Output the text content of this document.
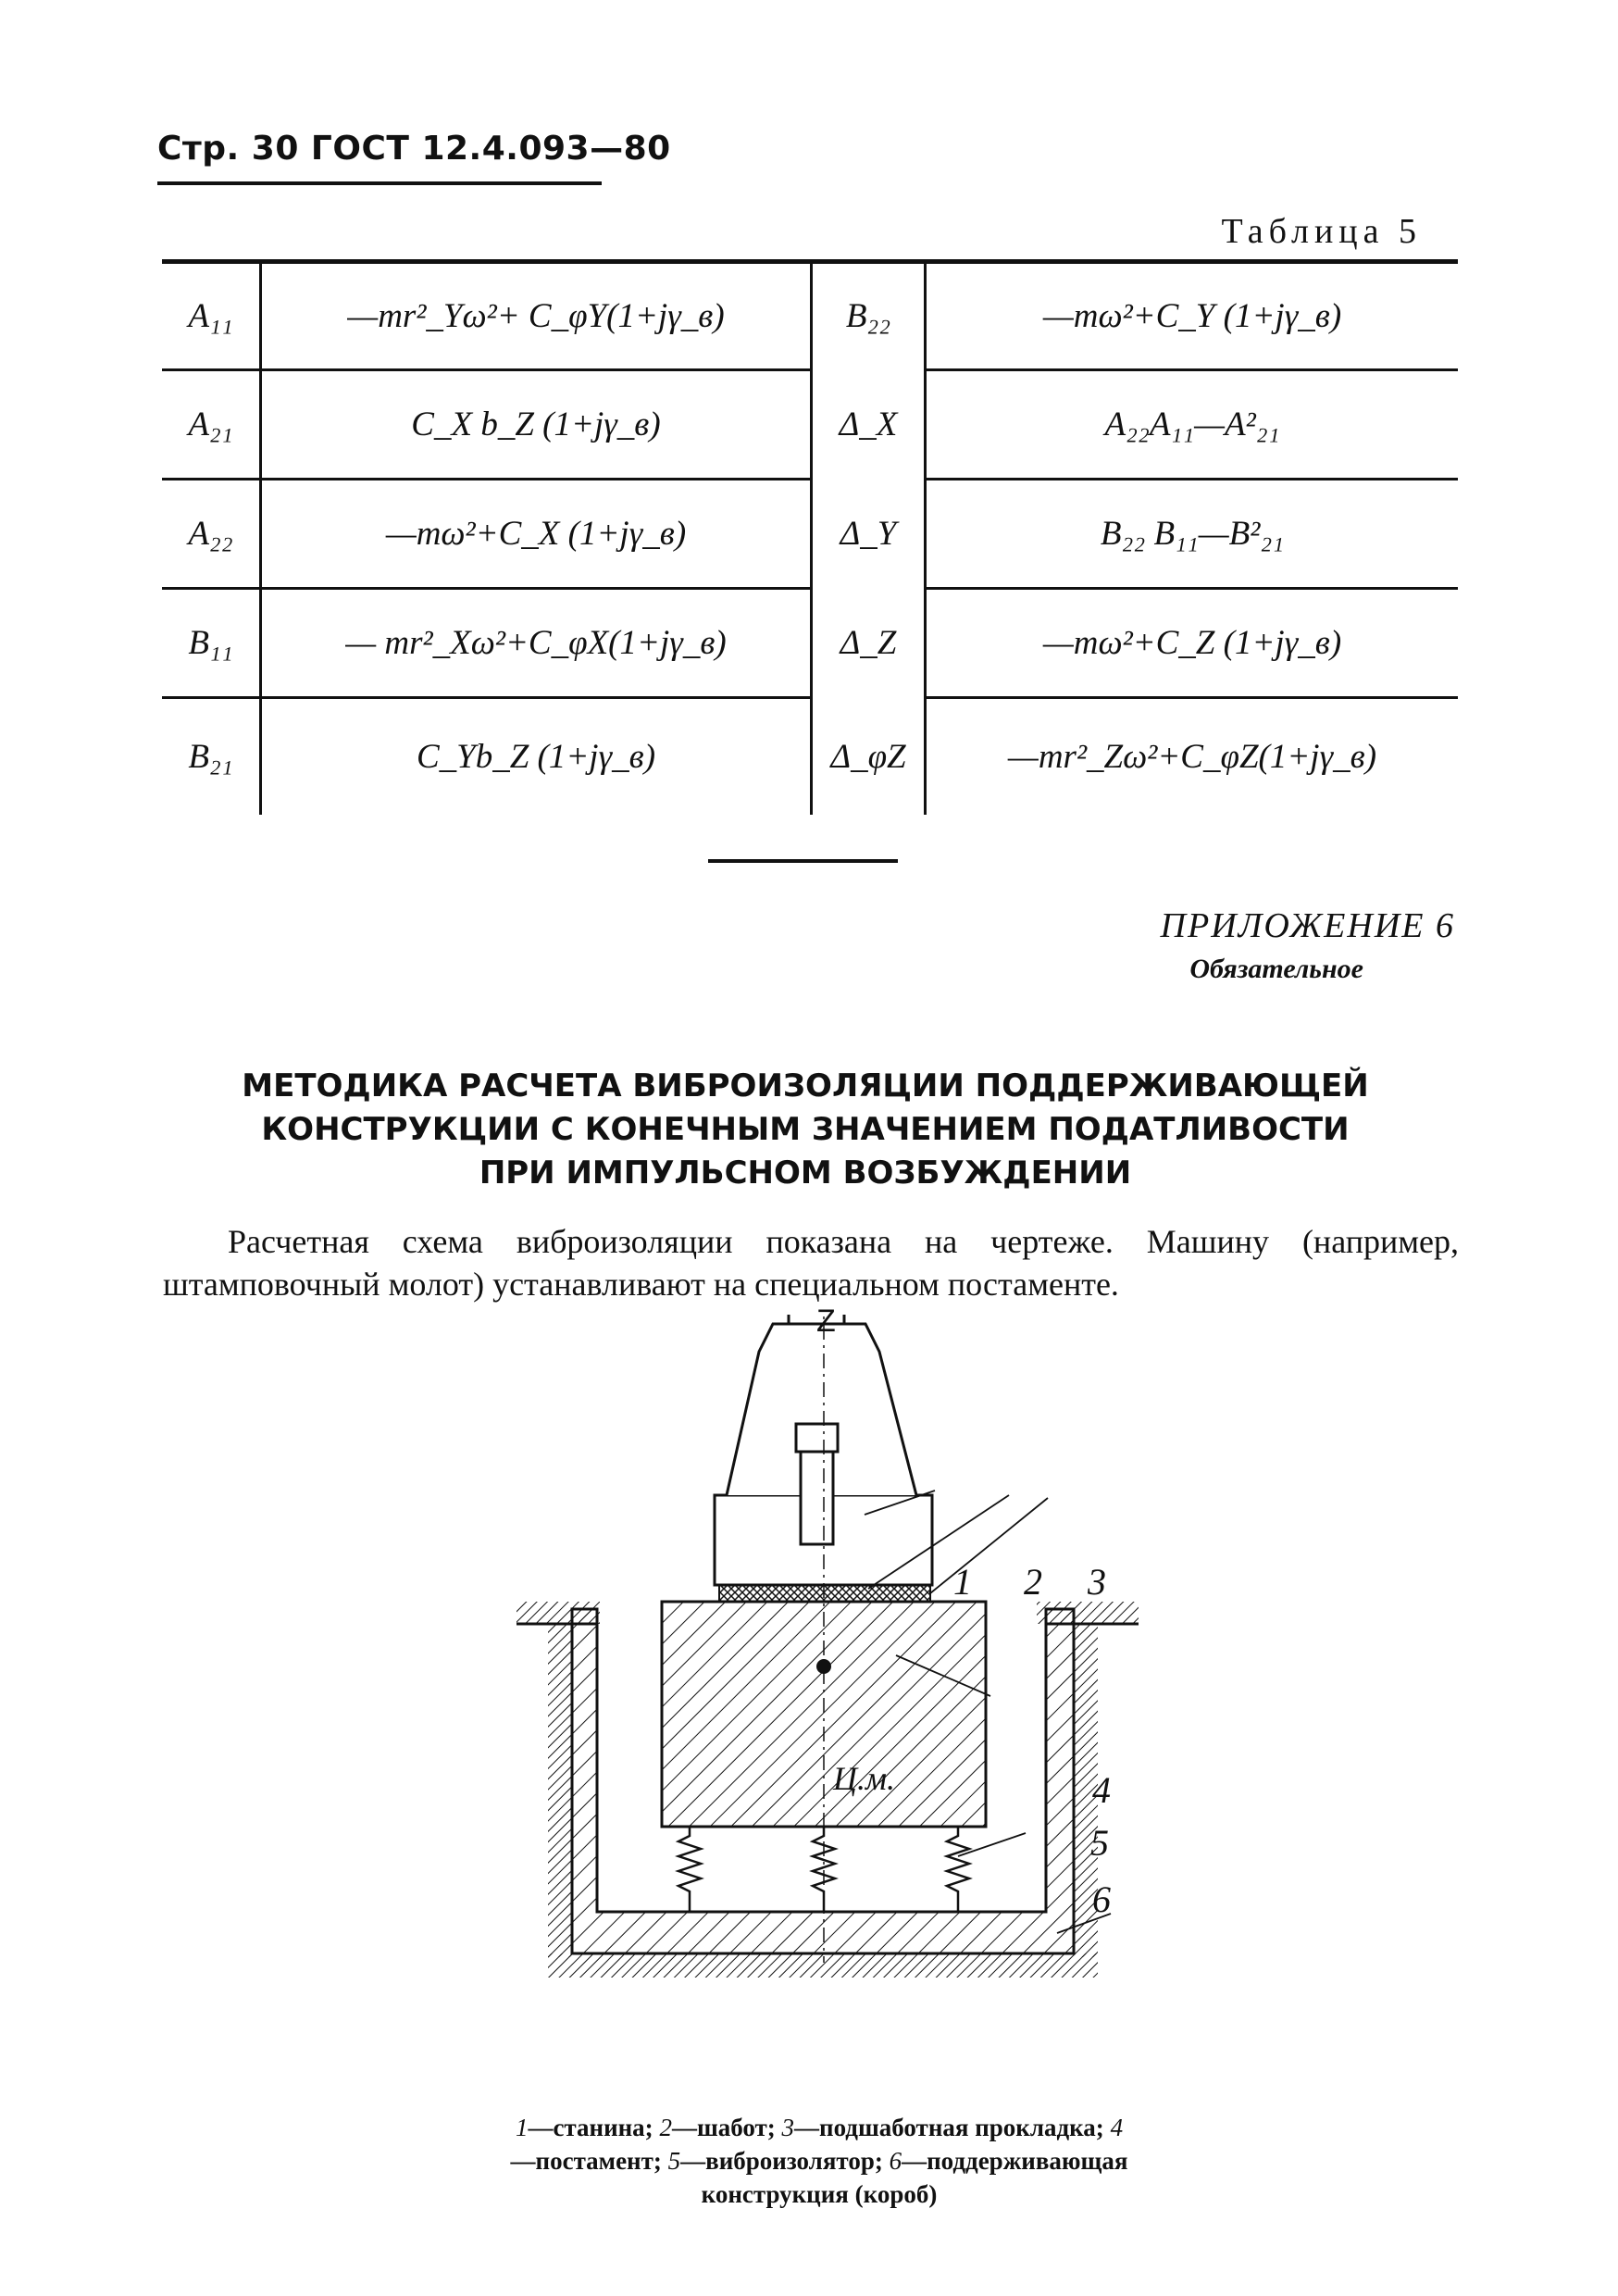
Стр. 30 ГОСТ 12.4.093—80
Таблица 5
A₁₁	—mr²_Yω²+ C_φY(1+jγ_в)	B₂₂	—mω²+C_Y (1+jγ_в)
A₂₁	C_X b_Z (1+jγ_в)	Δ_X	A₂₂A₁₁—A²₂₁
A₂₂	—mω²+C_X (1+jγ_в)	Δ_Y	B₂₂ B₁₁—B²₂₁
B₁₁	— mr²_Xω²+C_φX(1+jγ_в)	Δ_Z	—mω²+C_Z (1+jγ_в)
B₂₁	C_Yb_Z (1+jγ_в)	Δ_φZ	—mr²_Zω²+C_φZ(1+jγ_в)
ПРИЛОЖЕНИЕ 6
Обязательное
МЕТОДИКА РАСЧЕТА ВИБРОИЗОЛЯЦИИ ПОДДЕРЖИВАЮЩЕЙ
КОНСТРУКЦИИ С КОНЕЧНЫМ ЗНАЧЕНИЕМ ПОДАТЛИВОСТИ
ПРИ ИМПУЛЬСНОМ ВОЗБУЖДЕНИИ
Расчетная схема виброизоляции показана на чертеже. Машину (например, штамповочный молот) устанавливают на специальном постаменте.
Z
Ц.м.
1 2 3
4
5
6
1—станина; 2—шабот; 3—подшаботная прокладка; 4—постамент; 5—виброизолятор; 6—поддерживающая конструкция (короб)
